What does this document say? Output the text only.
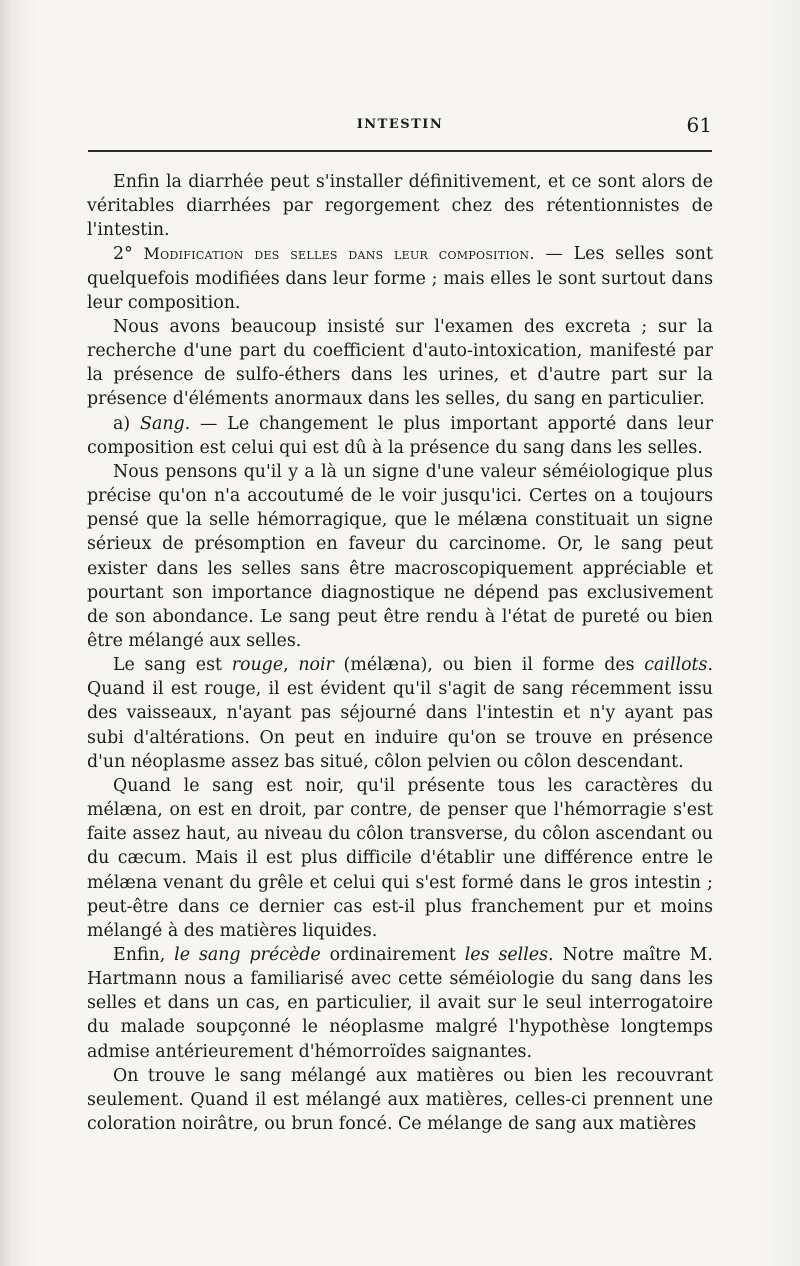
INTESTIN	61

Enfin la diarrhée peut s'installer définitivement, et ce sont alors de véritables diarrhées par regorgement chez des rétentionnistes de l'intestin.

2° Modification des selles dans leur composition. — Les selles sont quelquefois modifiées dans leur forme ; mais elles le sont surtout dans leur composition.

Nous avons beaucoup insisté sur l'examen des excreta ; sur la recherche d'une part du coefficient d'auto-intoxication, manifesté par la présence de sulfo-éthers dans les urines, et d'autre part sur la présence d'éléments anormaux dans les selles, du sang en particulier.

a) Sang. — Le changement le plus important apporté dans leur composition est celui qui est dû à la présence du sang dans les selles.

Nous pensons qu'il y a là un signe d'une valeur séméiologique plus précise qu'on n'a accoutumé de le voir jusqu'ici. Certes on a toujours pensé que la selle hémorragique, que le mélæna constituait un signe sérieux de présomption en faveur du carcinome. Or, le sang peut exister dans les selles sans être macroscopiquement appréciable et pourtant son importance diagnostique ne dépend pas exclusivement de son abondance. Le sang peut être rendu à l'état de pureté ou bien être mélangé aux selles.

Le sang est rouge, noir (mélæna), ou bien il forme des caillots. Quand il est rouge, il est évident qu'il s'agit de sang récemment issu des vaisseaux, n'ayant pas séjourné dans l'intestin et n'y ayant pas subi d'altérations. On peut en induire qu'on se trouve en présence d'un néoplasme assez bas situé, côlon pelvien ou côlon descendant.

Quand le sang est noir, qu'il présente tous les caractères du mélæna, on est en droit, par contre, de penser que l'hémorragie s'est faite assez haut, au niveau du côlon transverse, du côlon ascendant ou du cæcum. Mais il est plus difficile d'établir une différence entre le mélæna venant du grêle et celui qui s'est formé dans le gros intestin ; peut-être dans ce dernier cas est-il plus franchement pur et moins mélangé à des matières liquides.

Enfin, le sang précède ordinairement les selles. Notre maître M. Hartmann nous a familiarisé avec cette séméiologie du sang dans les selles et dans un cas, en particulier, il avait sur le seul interrogatoire du malade soupçonné le néoplasme malgré l'hypothèse longtemps admise antérieurement d'hémorroïdes saignantes.

On trouve le sang mélangé aux matières ou bien les recouvrant seulement. Quand il est mélangé aux matières, celles-ci prennent une coloration noirâtre, ou brun foncé. Ce mélange de sang aux matières
